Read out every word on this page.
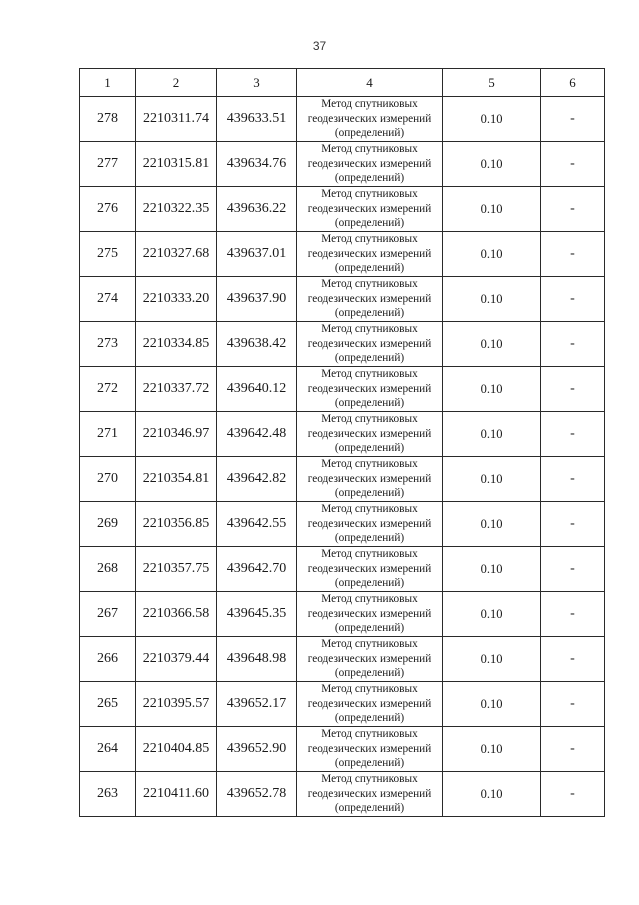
37
1	2	3	4	5	6
278	2210311.74	439633.51	Метод спутниковых
геодезических измерений
(определений)	0.10	-
277	2210315.81	439634.76	Метод спутниковых
геодезических измерений
(определений)	0.10	-
276	2210322.35	439636.22	Метод спутниковых
геодезических измерений
(определений)	0.10	-
275	2210327.68	439637.01	Метод спутниковых
геодезических измерений
(определений)	0.10	-
274	2210333.20	439637.90	Метод спутниковых
геодезических измерений
(определений)	0.10	-
273	2210334.85	439638.42	Метод спутниковых
геодезических измерений
(определений)	0.10	-
272	2210337.72	439640.12	Метод спутниковых
геодезических измерений
(определений)	0.10	-
271	2210346.97	439642.48	Метод спутниковых
геодезических измерений
(определений)	0.10	-
270	2210354.81	439642.82	Метод спутниковых
геодезических измерений
(определений)	0.10	-
269	2210356.85	439642.55	Метод спутниковых
геодезических измерений
(определений)	0.10	-
268	2210357.75	439642.70	Метод спутниковых
геодезических измерений
(определений)	0.10	-
267	2210366.58	439645.35	Метод спутниковых
геодезических измерений
(определений)	0.10	-
266	2210379.44	439648.98	Метод спутниковых
геодезических измерений
(определений)	0.10	-
265	2210395.57	439652.17	Метод спутниковых
геодезических измерений
(определений)	0.10	-
264	2210404.85	439652.90	Метод спутниковых
геодезических измерений
(определений)	0.10	-
263	2210411.60	439652.78	Метод спутниковых
геодезических измерений
(определений)	0.10	-
